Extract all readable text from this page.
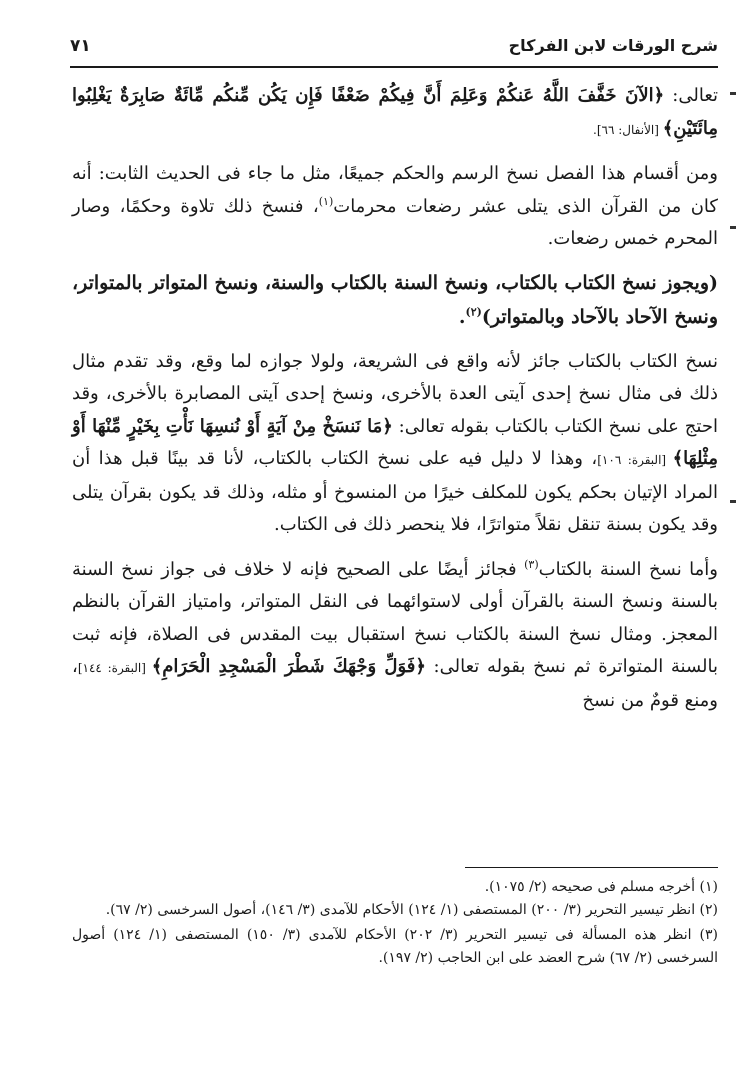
شرح الورقات لابن الفركاح
٧١

تعالى: ﴿الآنَ خَفَّفَ اللَّهُ عَنكُمْ وَعَلِمَ أَنَّ فِيكُمْ ضَعْفًا فَإِن يَكُن مِّنكُم مِّائَةٌ صَابِرَةٌ يَغْلِبُوا مِائَتَيْنِ﴾ [الأنفال: ٦٦].

ومن أقسام هذا الفصل نسخ الرسم والحكم جميعًا، مثل ما جاء فى الحديث الثابت: أنه كان من القرآن الذى يتلى عشر رضعات محرمات$^{(١)}$، فنسخ ذلك تلاوة وحكمًا، وصار المحرم خمس رضعات.

(ويجوز نسخ الكتاب بالكتاب، ونسخ السنة بالكتاب والسنة، ونسخ المتواتر بالمتواتر، ونسخ الآحاد بالآحاد وبالمتواتر)$^{(٢)}$.

نسخ الكتاب بالكتاب جائز لأنه واقع فى الشريعة، ولولا جوازه لما وقع، وقد تقدم مثال ذلك فى مثال نسخ إحدى آيتى العدة بالأخرى، ونسخ إحدى آيتى المصابرة بالأخرى، وقد احتج على نسخ الكتاب بالكتاب بقوله تعالى: ﴿مَا نَنسَخْ مِنْ آيَةٍ أَوْ نُنسِهَا نَأْتِ بِخَيْرٍ مِّنْهَا أَوْ مِثْلِهَا﴾ [البقرة: ١٠٦]، وهذا لا دليل فيه على نسخ الكتاب بالكتاب، لأنا قد بينًا قبل هذا أن المراد الإتيان بحكم يكون للمكلف خيرًا من المنسوخ أو مثله، وذلك قد يكون بقرآن يتلى وقد يكون بسنة تنقل نقلاً متواترًا، فلا ينحصر ذلك فى الكتاب.

وأما نسخ السنة بالكتاب$^{(٣)}$ فجائز أيضًا على الصحيح فإنه لا خلاف فى جواز نسخ السنة بالسنة ونسخ السنة بالقرآن أولى لاستوائهما فى النقل المتواتر، وامتياز القرآن بالنظم المعجز. ومثال نسخ السنة بالكتاب نسخ استقبال بيت المقدس فى الصلاة، فإنه ثبت بالسنة المتواترة ثم نسخ بقوله تعالى: ﴿فَوَلِّ وَجْهَكَ شَطْرَ الْمَسْجِدِ الْحَرَامِ﴾ [البقرة: ١٤٤]، ومنع قومٌ من نسخ

(١) أخرجه مسلم فى صحيحه (٢/ ١٠٧٥).
(٢) انظر تيسير التحرير (٣/ ٢٠٠) المستصفى (١/ ١٢٤) الأحكام للآمدى (٣/ ١٤٦)، أصول السرخسى (٢/ ٦٧).
(٣) انظر هذه المسألة فى تيسير التحرير (٣/ ٢٠٢) الأحكام للآمدى (٣/ ١٥٠) المستصفى (١/ ١٢٤) أصول السرخسى (٢/ ٦٧) شرح العضد على ابن الحاجب (٢/ ١٩٧).
